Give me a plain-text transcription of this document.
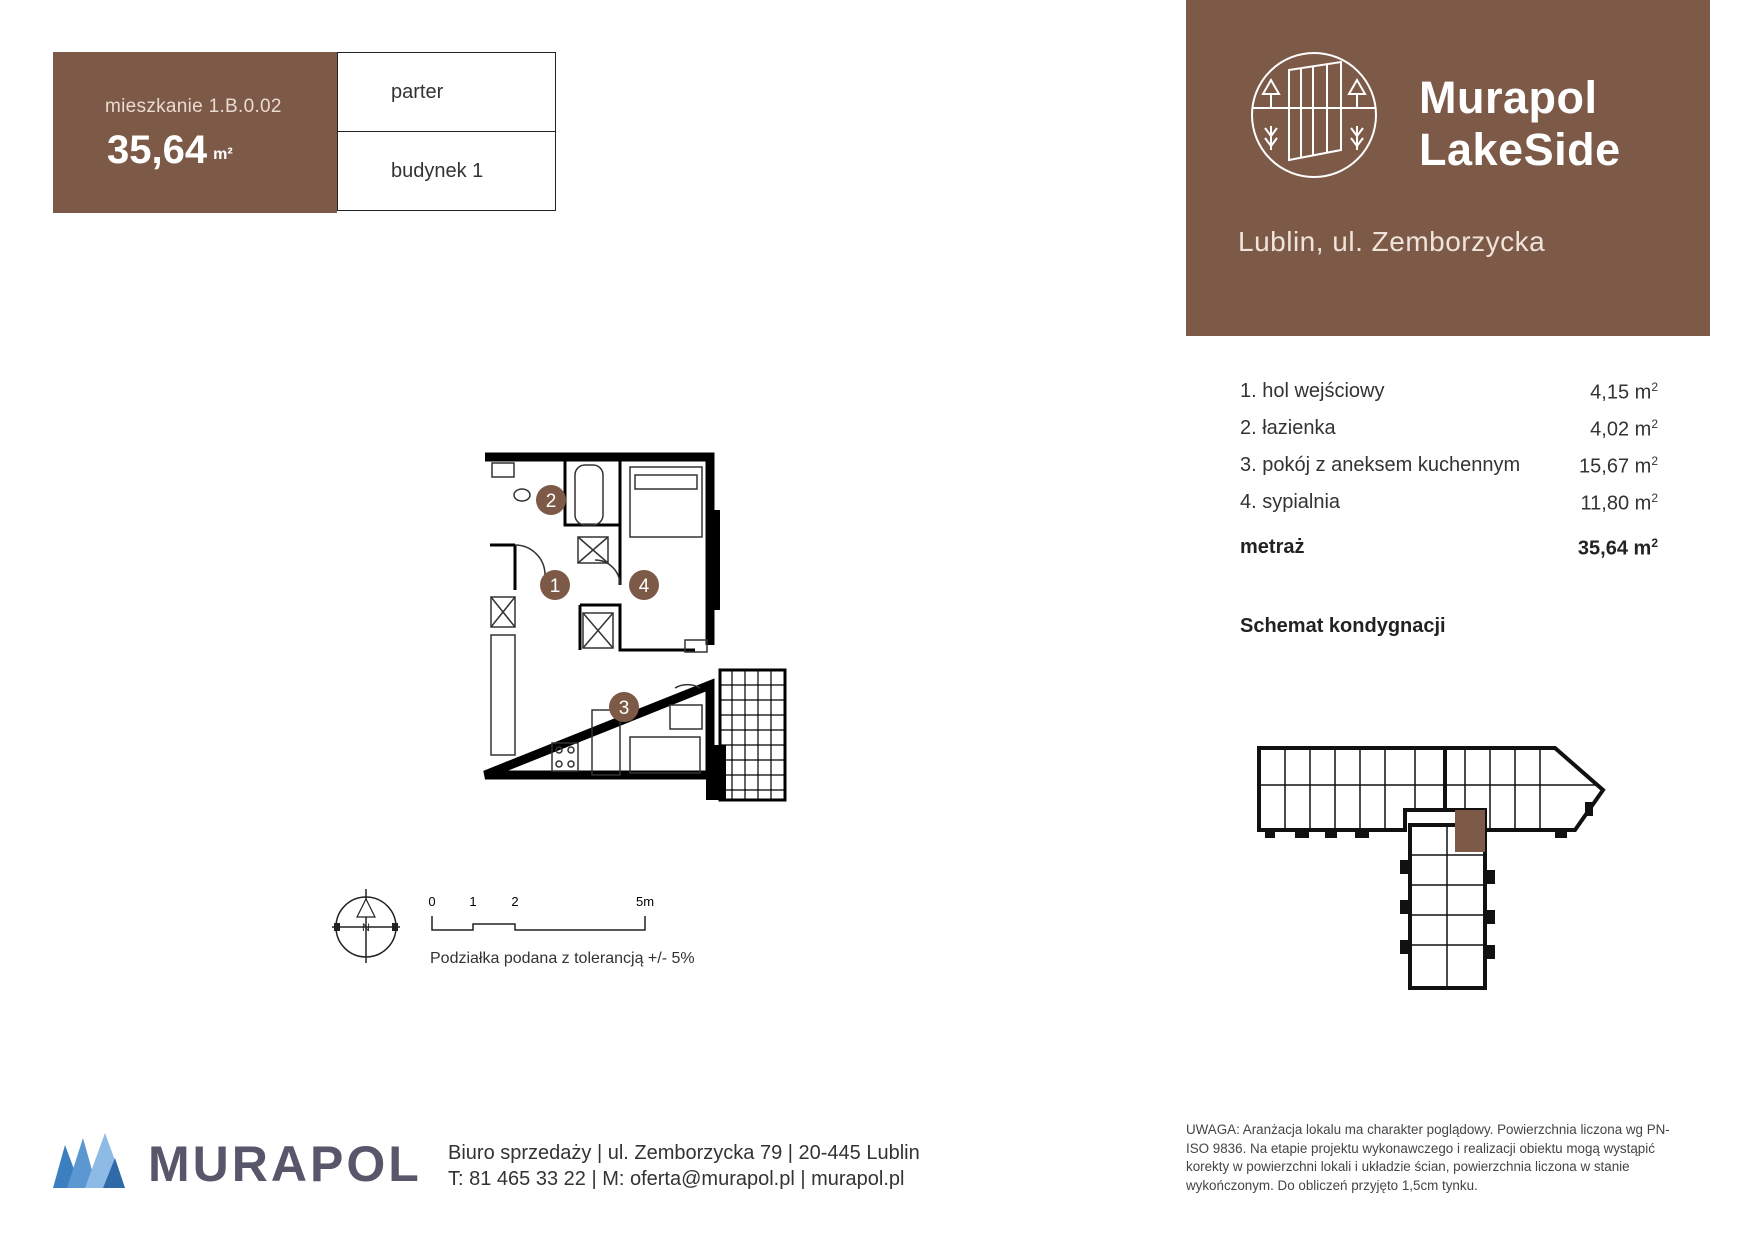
mieszkanie 1.B.0.02
35,64 $^{m^2}$
parter
budynek 1
Murapol
LakeSide
Lublin, ul. Zemborzycka
1. hol wejściowy	4,15 $m^2$
2. łazienka	4,02 $m^2$
3. pokój z aneksem kuchennym	15,67 $m^2$
4. sypialnia	11,80 $m^2$
metraż	35,64 $m^2$
Schemat kondygnacji
2
1	4
3
N
0	1	2	5m
Podziałka podana z tolerancją +/- 5%
MURAPOL Biuro sprzedaży | ul. Zemborzycka 79 | 20-445 Lublin
T: 81 465 33 22 | M: oferta@murapol.pl | murapol.pl
UWAGA: Aranżacja lokalu ma charakter poglądowy. Powierzchnia liczona wg PN-ISO 9836. Na etapie projektu wykonawczego i realizacji obiektu mogą wystąpić korekty w powierzchni lokali i układzie ścian, powierzchnia liczona w stanie wykończonym. Do obliczeń przyjęto 1,5cm tynku.
